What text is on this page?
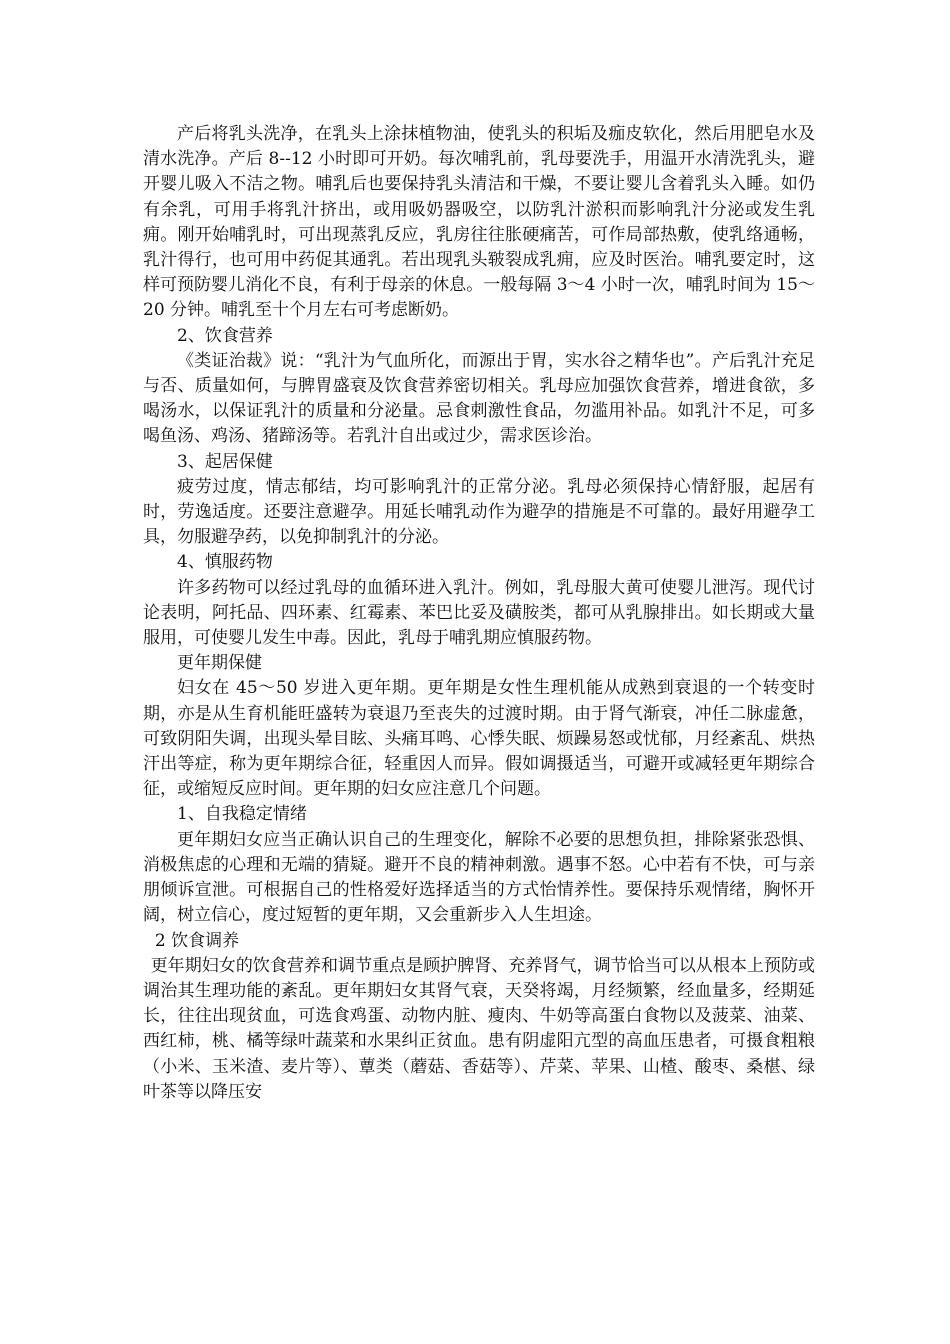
产后将乳头洗净，在乳头上涂抹植物油，使乳头的积垢及痂皮软化，然后用肥皂水及清水洗净。产后 8--12 小时即可开奶。每次哺乳前，乳母要洗手，用温开水清洗乳头，避开婴儿吸入不洁之物。哺乳后也要保持乳头清洁和干燥，不要让婴儿含着乳头入睡。如仍有余乳，可用手将乳汁挤出，或用吸奶器吸空，以防乳汁淤积而影响乳汁分泌或发生乳痈。刚开始哺乳时，可出现蒸乳反应，乳房往往胀硬痛苦，可作局部热敷，使乳络通畅，乳汁得行，也可用中药促其通乳。若出现乳头皲裂成乳痈，应及时医治。哺乳要定时，这样可预防婴儿消化不良，有利于母亲的休息。一般每隔 3～4 小时一次，哺乳时间为 15～20 分钟。哺乳至十个月左右可考虑断奶。

2、饮食营养

《类证治裁》说：“乳汁为气血所化，而源出于胃，实水谷之精华也”。产后乳汁充足与否、质量如何，与脾胃盛衰及饮食营养密切相关。乳母应加强饮食营养，增进食欲，多喝汤水，以保证乳汁的质量和分泌量。忌食刺激性食品，勿滥用补品。如乳汁不足，可多喝鱼汤、鸡汤、猪蹄汤等。若乳汁自出或过少，需求医诊治。

3、起居保健

疲劳过度，情志郁结，均可影响乳汁的正常分泌。乳母必须保持心情舒服，起居有时，劳逸适度。还要注意避孕。用延长哺乳动作为避孕的措施是不可靠的。最好用避孕工具，勿服避孕药，以免抑制乳汁的分泌。

4、慎服药物

许多药物可以经过乳母的血循环进入乳汁。例如，乳母服大黄可使婴儿泄泻。现代讨论表明，阿托品、四环素、红霉素、苯巴比妥及磺胺类，都可从乳腺排出。如长期或大量服用，可使婴儿发生中毒。因此，乳母于哺乳期应慎服药物。

更年期保健

妇女在 45～50 岁进入更年期。更年期是女性生理机能从成熟到衰退的一个转变时期，亦是从生育机能旺盛转为衰退乃至丧失的过渡时期。由于肾气渐衰，冲任二脉虚惫，可致阴阳失调，出现头晕目眩、头痛耳鸣、心悸失眠、烦躁易怒或忧郁，月经紊乱、烘热汗出等症，称为更年期综合征，轻重因人而异。假如调摄适当，可避开或减轻更年期综合征，或缩短反应时间。更年期的妇女应注意几个问题。

1、自我稳定情绪

更年期妇女应当正确认识自己的生理变化，解除不必要的思想负担，排除紧张恐惧、消极焦虑的心理和无端的猜疑。避开不良的精神刺激。遇事不怒。心中若有不快，可与亲朋倾诉宣泄。可根据自己的性格爱好选择适当的方式怡情养性。要保持乐观情绪，胸怀开阔，树立信心，度过短暂的更年期，又会重新步入人生坦途。

2 饮食调养

更年期妇女的饮食营养和调节重点是顾护脾肾、充养肾气，调节恰当可以从根本上预防或调治其生理功能的紊乱。更年期妇女其肾气衰，天癸将竭，月经频繁，经血量多，经期延长，往往出现贫血，可选食鸡蛋、动物内脏、瘦肉、牛奶等高蛋白食物以及菠菜、油菜、西红柿，桃、橘等绿叶蔬菜和水果纠正贫血。患有阴虚阳亢型的高血压患者，可摄食粗粮（小米、玉米渣、麦片等）、蕈类（蘑菇、香菇等）、芹菜、苹果、山楂、酸枣、桑椹、绿叶茶等以降压安
